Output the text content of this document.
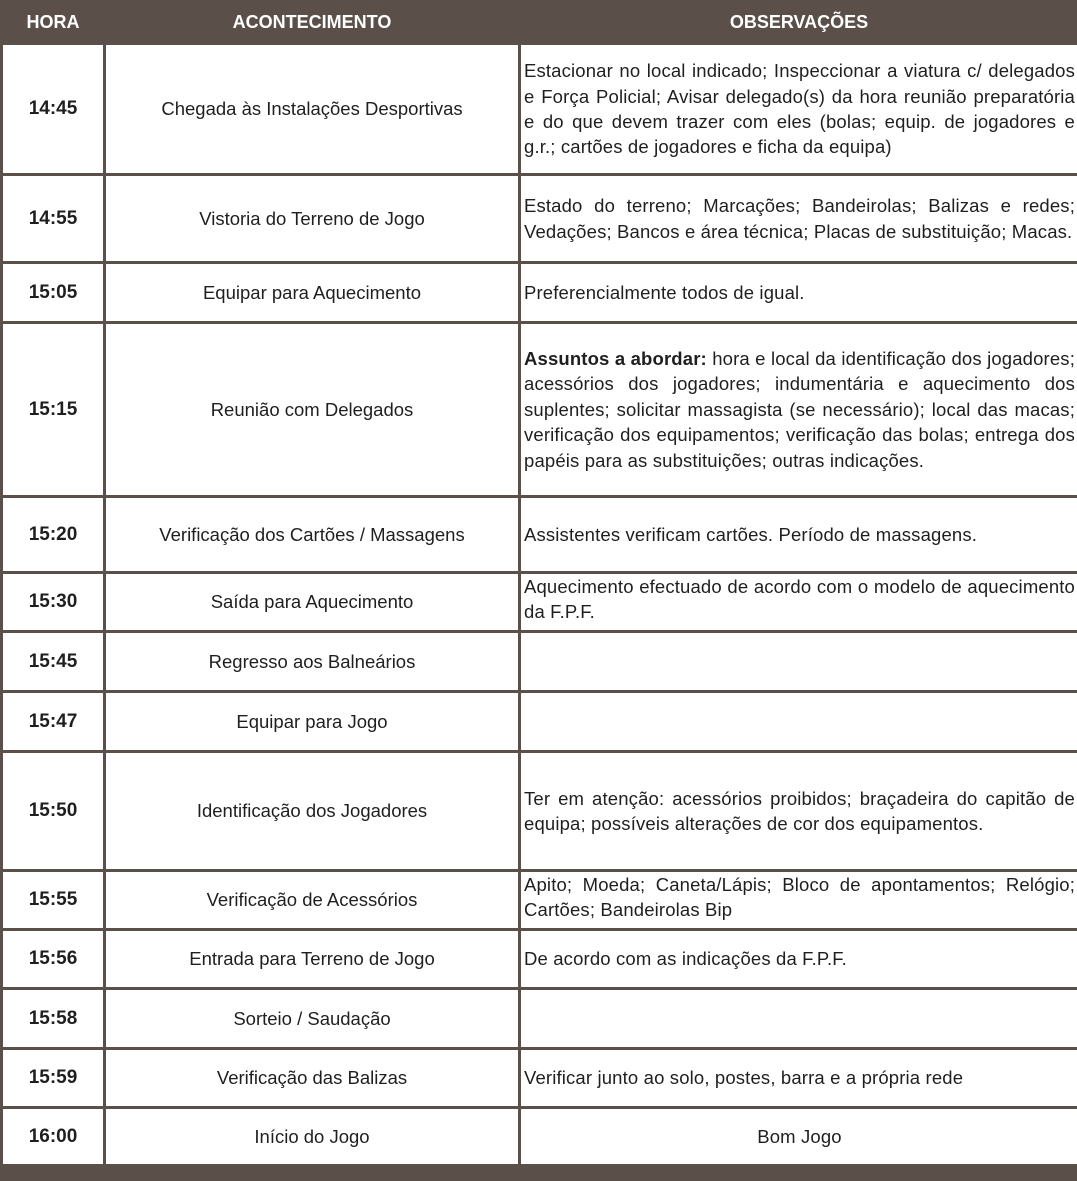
HORA	ACONTECIMENTO	OBSERVAÇÕES
14:45	Chegada às Instalações Desportivas	Estacionar no local indicado; Inspeccionar a viatura c/ delegados e Força Policial; Avisar delegado(s) da hora reunião preparatória e do que devem trazer com eles (bolas; equip. de jogadores e g.r.; cartões de jogadores e ficha da equipa)
14:55	Vistoria do Terreno de Jogo	Estado do terreno; Marcações; Bandeirolas; Balizas e redes; Vedações; Bancos e área técnica; Placas de substituição; Macas.
15:05	Equipar para Aquecimento	Preferencialmente todos de igual.
15:15	Reunião com Delegados	Assuntos a abordar: hora e local da identificação dos jogadores; acessórios dos jogadores; indumentária e aquecimento dos suplentes; solicitar massagista (se necessário); local das macas; verificação dos equipamentos; verificação das bolas; entrega dos papéis para as substituições; outras indicações.
15:20	Verificação dos Cartões / Massagens	Assistentes verificam cartões. Período de massagens.
15:30	Saída para Aquecimento	Aquecimento efectuado de acordo com o modelo de aquecimento da F.P.F.
15:45	Regresso aos Balneários	
15:47	Equipar para Jogo	
15:50	Identificação dos Jogadores	Ter em atenção: acessórios proibidos; braçadeira do capitão de equipa; possíveis alterações de cor dos equipamentos.
15:55	Verificação de Acessórios	Apito; Moeda; Caneta/Lápis; Bloco de apontamentos; Relógio; Cartões; Bandeirolas Bip
15:56	Entrada para Terreno de Jogo	De acordo com as indicações da F.P.F.
15:58	Sorteio / Saudação	
15:59	Verificação das Balizas	Verificar junto ao solo, postes, barra e a própria rede
16:00	Início do Jogo	Bom Jogo
